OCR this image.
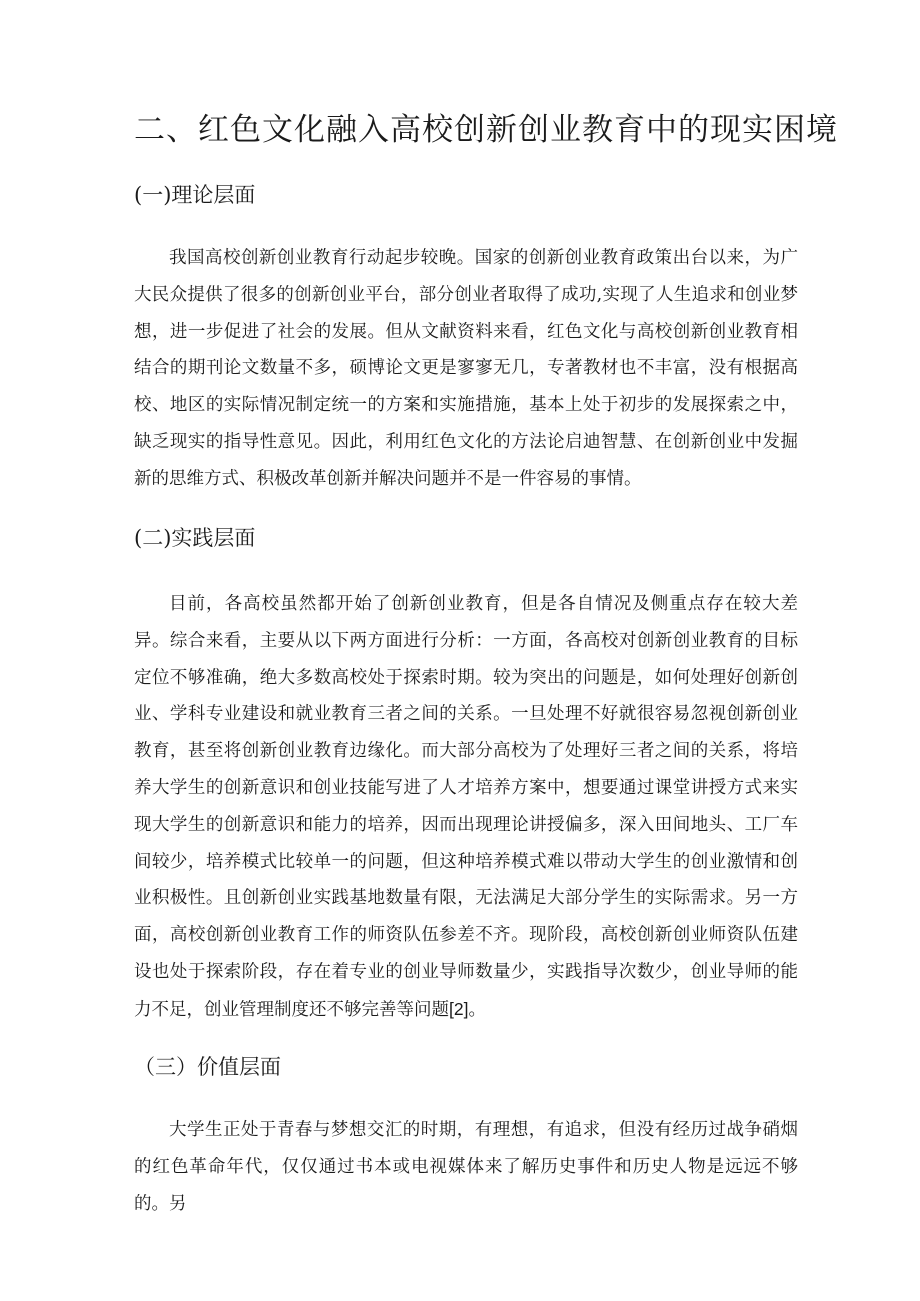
二、红色文化融入高校创新创业教育中的现实困境
(一)理论层面

我国高校创新创业教育行动起步较晚。国家的创新创业教育政策出台以来，为广大民众提供了很多的创新创业平台，部分创业者取得了成功,实现了人生追求和创业梦想，进一步促进了社会的发展。但从文献资料来看，红色文化与高校创新创业教育相结合的期刊论文数量不多，硕博论文更是寥寥无几，专著教材也不丰富，没有根据高校、地区的实际情况制定统一的方案和实施措施，基本上处于初步的发展探索之中，缺乏现实的指导性意见。因此，利用红色文化的方法论启迪智慧、在创新创业中发掘新的思维方式、积极改革创新并解决问题并不是一件容易的事情。

(二)实践层面

目前，各高校虽然都开始了创新创业教育，但是各自情况及侧重点存在较大差异。综合来看，主要从以下两方面进行分析：一方面，各高校对创新创业教育的目标定位不够准确，绝大多数高校处于探索时期。较为突出的问题是，如何处理好创新创业、学科专业建设和就业教育三者之间的关系。一旦处理不好就很容易忽视创新创业教育，甚至将创新创业教育边缘化。而大部分高校为了处理好三者之间的关系，将培养大学生的创新意识和创业技能写进了人才培养方案中，想要通过课堂讲授方式来实现大学生的创新意识和能力的培养，因而出现理论讲授偏多，深入田间地头、工厂车间较少，培养模式比较单一的问题，但这种培养模式难以带动大学生的创业激情和创业积极性。且创新创业实践基地数量有限，无法满足大部分学生的实际需求。另一方面，高校创新创业教育工作的师资队伍参差不齐。现阶段，高校创新创业师资队伍建设也处于探索阶段，存在着专业的创业导师数量少，实践指导次数少，创业导师的能力不足，创业管理制度还不够完善等问题[2]。

（三）价值层面

大学生正处于青春与梦想交汇的时期，有理想，有追求，但没有经历过战争硝烟的红色革命年代，仅仅通过书本或电视媒体来了解历史事件和历史人物是远远不够的。另
